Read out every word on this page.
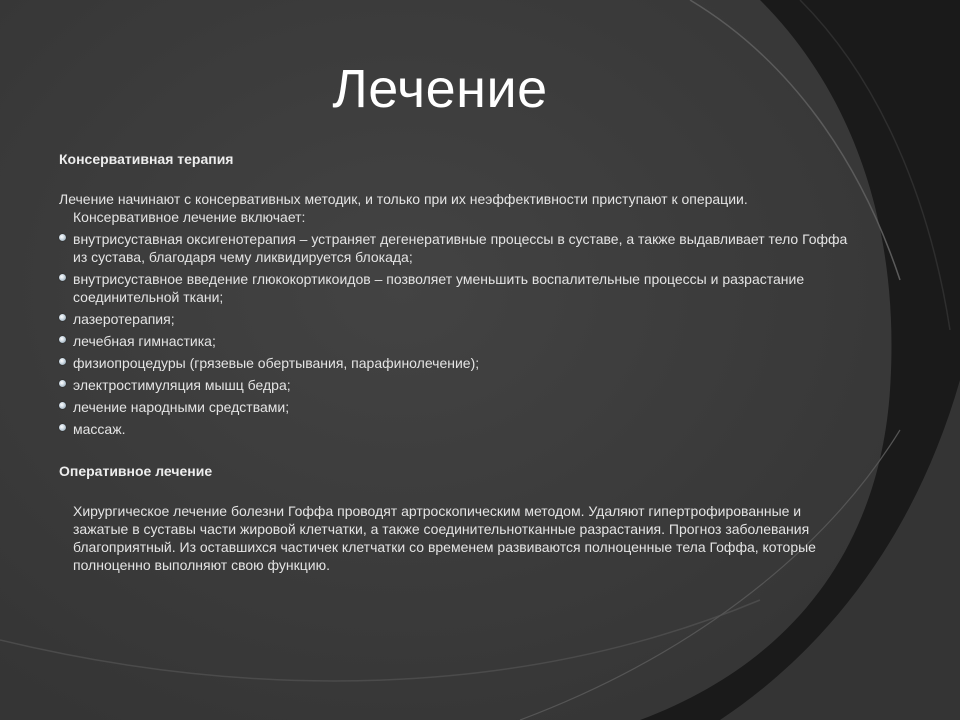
Лечение

Консервативная терапия

Лечение начинают с консервативных методик, и только при их неэффективности приступают к операции. Консервативное лечение включает:

внутрисуставная оксигенотерапия – устраняет дегенеративные процессы в суставе, а также выдавливает тело Гоффа из сустава, благодаря чему ликвидируется блокада;
внутрисуставное введение глюкокортикоидов – позволяет уменьшить воспалительные процессы и разрастание соединительной ткани;
лазеротерапия;
лечебная гимнастика;
физиопроцедуры (грязевые обертывания, парафинолечение);
электростимуляция мышц бедра;
лечение народными средствами;
массаж.

Оперативное лечение

Хирургическое лечение болезни Гоффа проводят артроскопическим методом. Удаляют гипертрофированные и зажатые в суставы части жировой клетчатки, а также соединительнотканные разрастания. Прогноз заболевания благоприятный. Из оставшихся частичек клетчатки со временем развиваются полноценные тела Гоффа, которые полноценно выполняют свою функцию.
